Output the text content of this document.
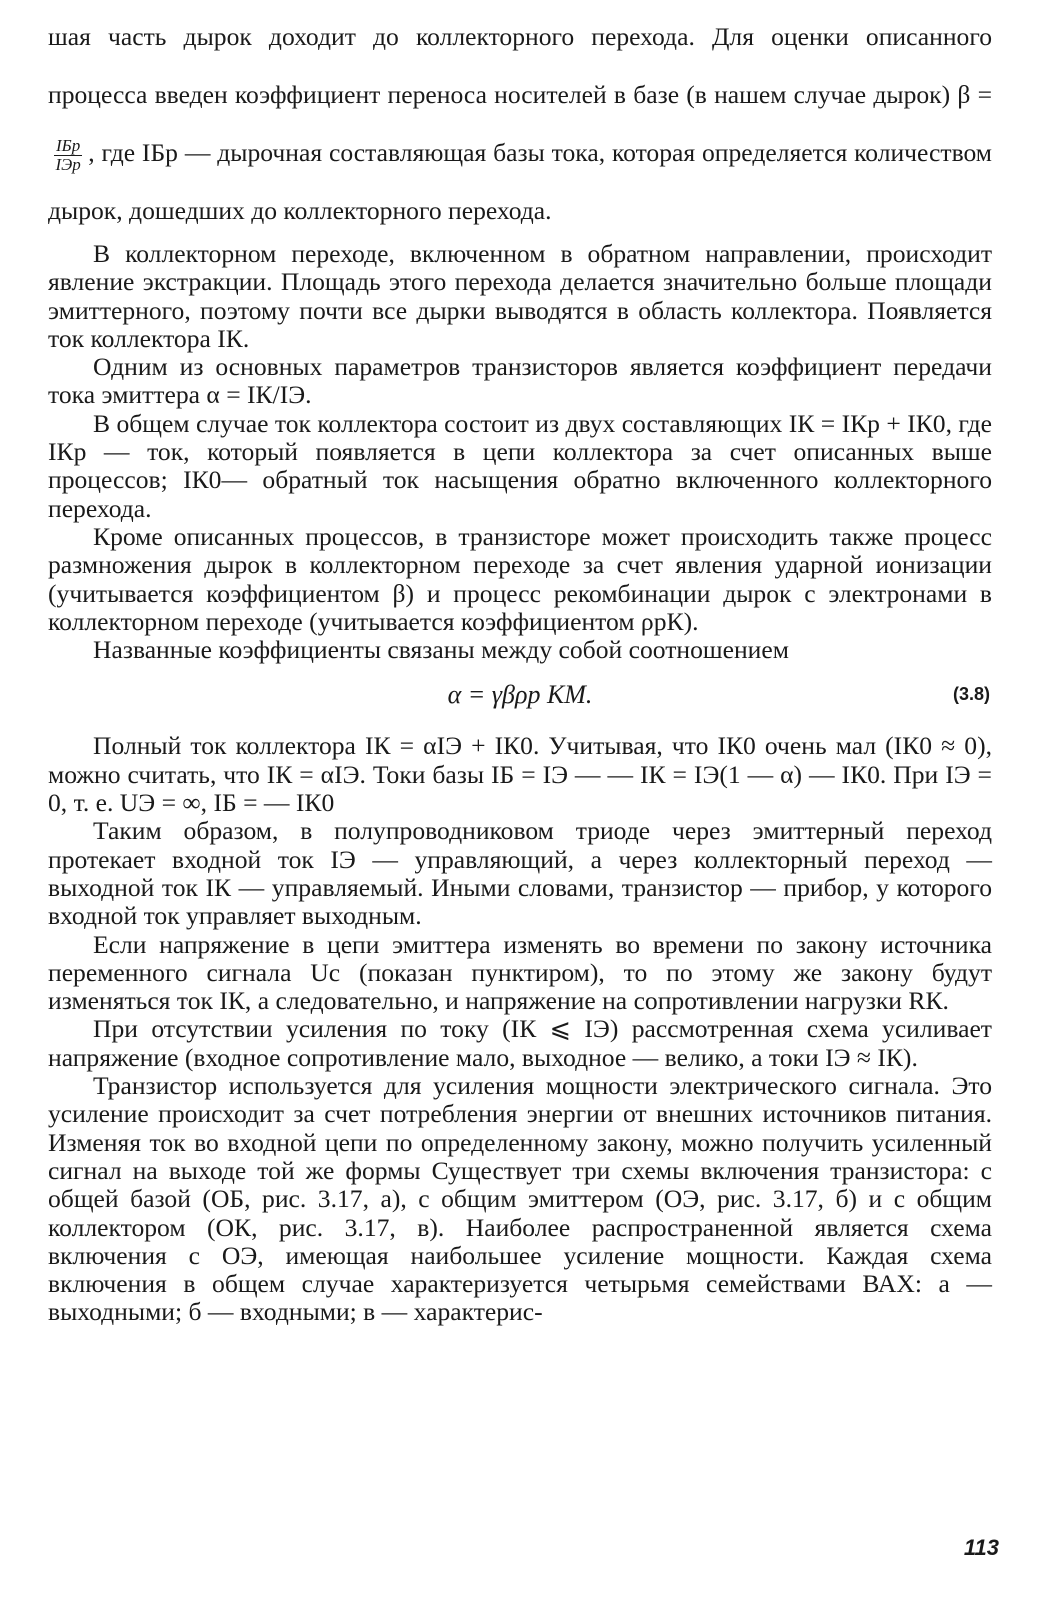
шая часть дырок доходит до коллекторного перехода. Для оценки описанного процесса введен коэффициент переноса носителей в базе (в нашем случае дырок) β =
$\frac{\text{IБр}}{\text{IЭр}}$ , где IБр — дырочная составляющая базы тока, которая определяется количеством дырок, дошедших до коллекторного перехода.

В коллекторном переходе, включенном в обратном направлении, происходит явление экстракции. Площадь этого перехода делается значительно больше площади эмиттерного, поэтому почти все дырки выводятся в область коллектора. Появляется ток коллектора IК.

Одним из основных параметров транзисторов является коэффициент передачи тока эмиттера α = IК/IЭ.

В общем случае ток коллектора состоит из двух составляющих IК = IКр + IК0, где IКр — ток, который появляется в цепи коллектора за счет описанных выше процессов; IК0— обратный ток насыщения обратно включенного коллекторного перехода.

Кроме описанных процессов, в транзисторе может происходить также процесс размножения дырок в коллекторном переходе за счет явления ударной ионизации (учитывается коэффициентом β) и процесс рекомбинации дырок с электронами в коллекторном переходе (учитывается коэффициентом ρpК).

Названные коэффициенты связаны между собой соотношением

α = γβρp КM.	(3.8)

Полный ток коллектора IК = αIЭ + IК0. Учитывая, что IК0 очень мал (IК0 ≈ 0), можно считать, что IК = αIЭ. Токи базы IБ = IЭ — — IК = IЭ(1 — α) — IК0. При IЭ = 0, т. е. UЭ = ∞, IБ = — IК0

Таким образом, в полупроводниковом триоде через эмиттерный переход протекает входной ток IЭ — управляющий, а через коллекторный переход — выходной ток IК — управляемый. Иными словами, транзистор — прибор, у которого входной ток управляет выходным.

Если напряжение в цепи эмиттера изменять во времени по закону источника переменного сигнала Uс (показан пунктиром), то по этому же закону будут изменяться ток IК, а следовательно, и напряжение на сопротивлении нагрузки RК.

При отсутствии усиления по току (IК ⩽ IЭ) рассмотренная схема усиливает напряжение (входное сопротивление мало, выходное — велико, а токи IЭ ≈ IК).

Транзистор используется для усиления мощности электрического сигнала. Это усиление происходит за счет потребления энергии от внешних источников питания. Изменяя ток во входной цепи по определенному закону, можно получить усиленный сигнал на выходе той же формы Существует три схемы включения транзистора: с общей базой (ОБ, рис. 3.17, а), с общим эмиттером (ОЭ, рис. 3.17, б) и с общим коллектором (ОК, рис. 3.17, в). Наиболее распространенной является схема включения с ОЭ, имеющая наибольшее усиление мощности. Каждая схема включения в общем случае характеризуется четырьмя семействами ВАХ: а — выходными; б — входными; в — характерис-

113
